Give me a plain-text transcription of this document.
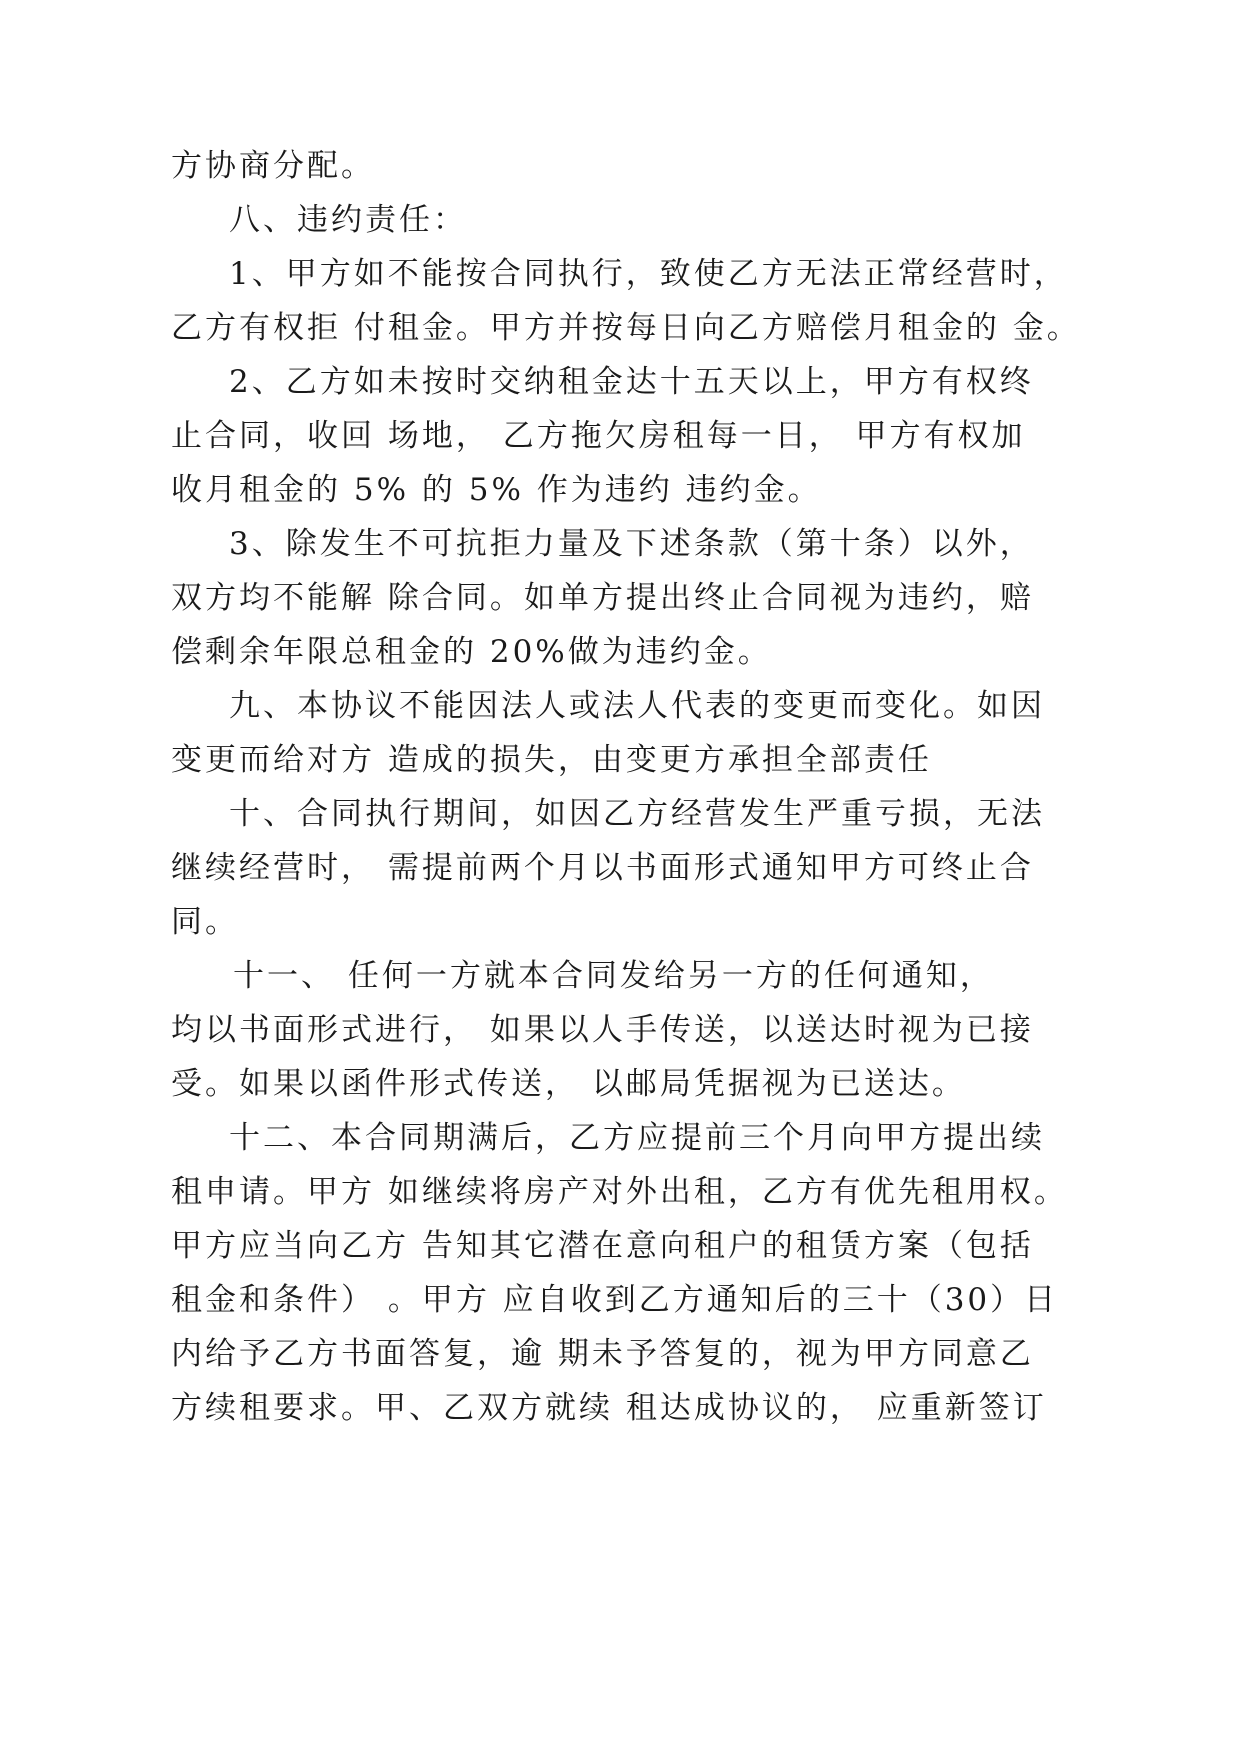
方协商分配。
八、违约责任：
1、甲方如不能按合同执行，致使乙方无法正常经营时，
乙方有权拒 付租金。甲方并按每日向乙方赔偿月租金的 金。
2、乙方如未按时交纳租金达十五天以上，甲方有权终
止合同，收回 场地， 乙方拖欠房租每一日， 甲方有权加
收月租金的 5% 的 5% 作为违约 违约金。
3、除发生不可抗拒力量及下述条款（第十条）以外，
双方均不能解 除合同。如单方提出终止合同视为违约，赔
偿剩余年限总租金的 20%做为违约金。
九、本协议不能因法人或法人代表的变更而变化。如因
变更而给对方 造成的损失，由变更方承担全部责任
十、合同执行期间，如因乙方经营发生严重亏损，无法
继续经营时， 需提前两个月以书面形式通知甲方可终止合
同。
十一、 任何一方就本合同发给另一方的任何通知，
均以书面形式进行， 如果以人手传送，以送达时视为已接
受。如果以函件形式传送， 以邮局凭据视为已送达。
十二、本合同期满后，乙方应提前三个月向甲方提出续
租申请。甲方 如继续将房产对外出租，乙方有优先租用权。
甲方应当向乙方 告知其它潜在意向租户的租赁方案（包括
租金和条件） 。甲方 应自收到乙方通知后的三十（30）日
内给予乙方书面答复，逾 期未予答复的，视为甲方同意乙
方续租要求。甲、乙双方就续 租达成协议的， 应重新签订
